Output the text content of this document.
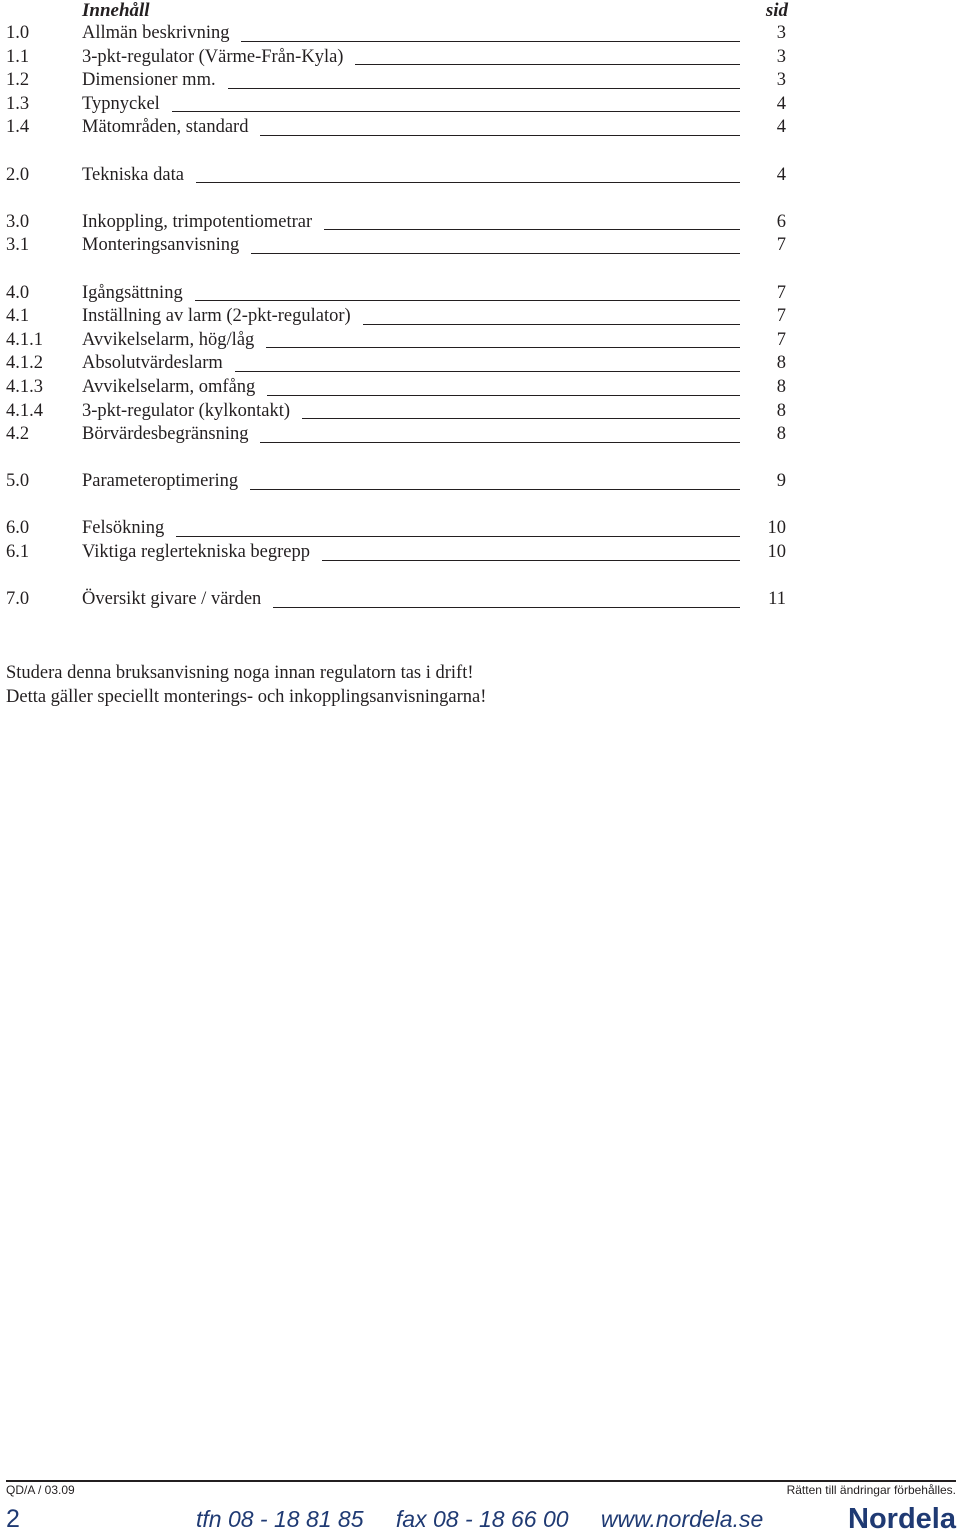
Innehåll	sid
1.0	Allmän beskrivning	3
1.1	3-pkt-regulator (Värme-Från-Kyla)	3
1.2	Dimensioner mm.	3
1.3	Typnyckel	4
1.4	Mätområden, standard	4
2.0	Tekniska data	4
3.0	Inkoppling, trimpotentiometrar	6
3.1	Monteringsanvisning	7
4.0	Igångsättning	7
4.1	Inställning av larm (2-pkt-regulator)	7
4.1.1 Avvikelselarm, hög/låg	7
4.1.2 Absolutvärdeslarm	8
4.1.3 Avvikelselarm, omfång	8
4.1.4 3-pkt-regulator (kylkontakt)	8
4.2	Börvärdesbegränsning	8
5.0	Parameteroptimering	9
6.0	Felsökning	10
6.1	Viktiga reglertekniska begrepp	10
7.0	Översikt givare / värden	11
Studera denna bruksanvisning noga innan regulatorn tas i drift!
Detta gäller speciellt monterings- och inkopplingsanvisningarna!
QD/A / 03.09	Rätten till ändringar förbehålles.
2	tfn 08 - 18 81 85 fax 08 - 18 66 00 www.nordela.se	Nordela
